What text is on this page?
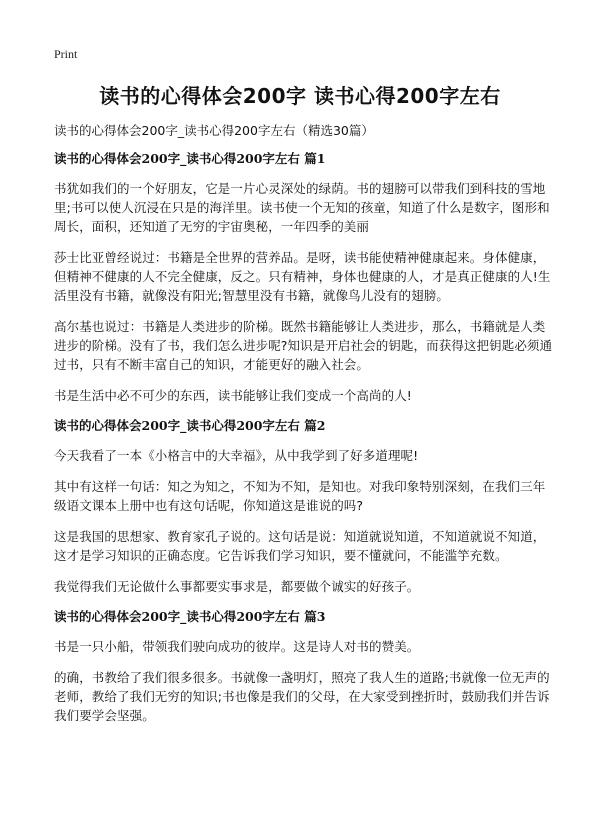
Print
读书的心得体会200字 读书心得200字左右

读书的心得体会200字_读书心得200字左右（精选30篇）

读书的心得体会200字_读书心得200字左右 篇1

书犹如我们的一个好朋友，它是一片心灵深处的绿荫。书的翅膀可以带我们到科技的雪地里;书可以使人沉浸在只是的海洋里。读书使一个无知的孩童，知道了什么是数字，图形和周长，面积，还知道了无穷的宇宙奥秘，一年四季的美丽

莎士比亚曾经说过：书籍是全世界的营养品。是呀，读书能使精神健康起来。身体健康，但精神不健康的人不完全健康，反之。只有精神，身体也健康的人，才是真正健康的人!生活里没有书籍，就像没有阳光;智慧里没有书籍，就像鸟儿没有的翅膀。

高尔基也说过：书籍是人类进步的阶梯。既然书籍能够让人类进步，那么，书籍就是人类进步的阶梯。没有了书，我们怎么进步呢?知识是开启社会的钥匙，而获得这把钥匙必须通过书，只有不断丰富自己的知识，才能更好的融入社会。

书是生活中必不可少的东西，读书能够让我们变成一个高尚的人!

读书的心得体会200字_读书心得200字左右 篇2

今天我看了一本《小格言中的大幸福》，从中我学到了好多道理呢!

其中有这样一句话：知之为知之，不知为不知，是知也。对我印象特别深刻，在我们三年级语文课本上册中也有这句话呢，你知道这是谁说的吗?

这是我国的思想家、教育家孔子说的。这句话是说：知道就说知道，不知道就说不知道，这才是学习知识的正确态度。它告诉我们学习知识，要不懂就问，不能滥竽充数。

我觉得我们无论做什么事都要实事求是，都要做个诚实的好孩子。

读书的心得体会200字_读书心得200字左右 篇3

书是一只小船，带领我们驶向成功的彼岸。这是诗人对书的赞美。

的确，书教给了我们很多很多。书就像一盏明灯，照亮了我人生的道路;书就像一位无声的老师，教给了我们无穷的知识;书也像是我们的父母，在大家受到挫折时，鼓励我们并告诉我们要学会坚强。
